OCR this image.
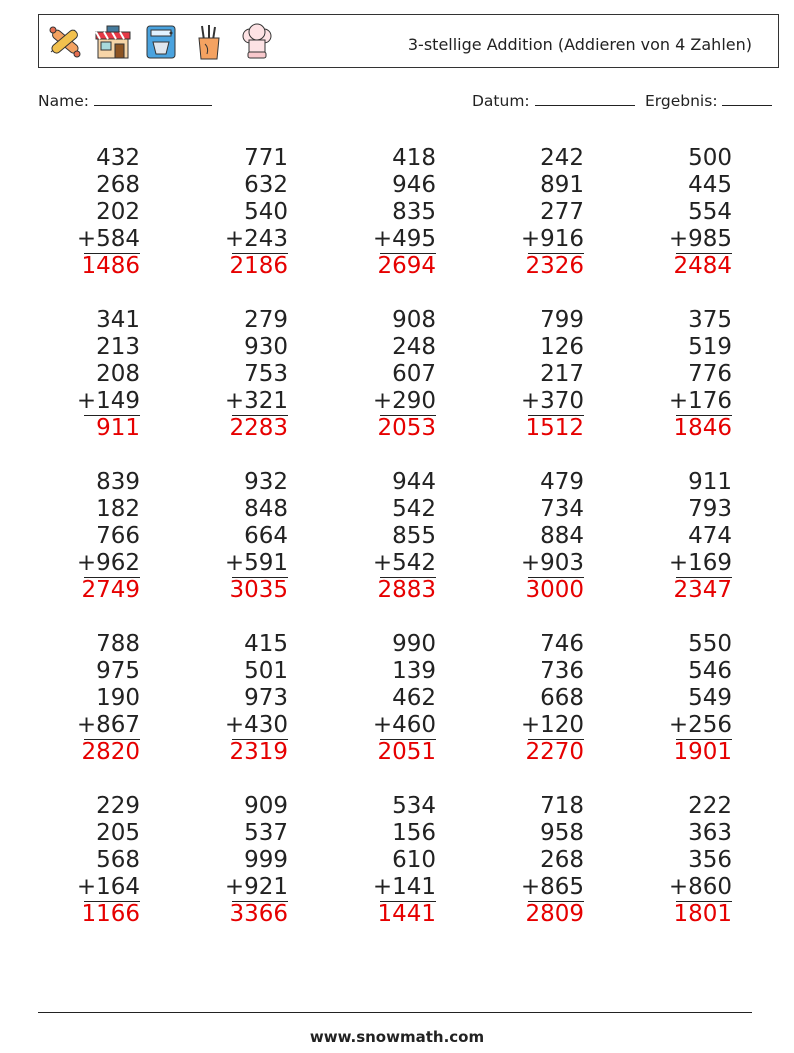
3-stellige Addition (Addieren von 4 Zahlen)
Name:	Datum:	Ergebnis:
432
268
202
+584
1486
771
632
540
+243
2186
418
946
835
+495
2694
242
891
277
+916
2326
500
445
554
+985
2484
341
213
208
+149
911
279
930
753
+321
2283
908
248
607
+290
2053
799
126
217
+370
1512
375
519
776
+176
1846
839
182
766
+962
2749
932
848
664
+591
3035
944
542
855
+542
2883
479
734
884
+903
3000
911
793
474
+169
2347
788
975
190
+867
2820
415
501
973
+430
2319
990
139
462
+460
2051
746
736
668
+120
2270
550
546
549
+256
1901
229
205
568
+164
1166
909
537
999
+921
3366
534
156
610
+141
1441
718
958
268
+865
2809
222
363
356
+860
1801
www.snowmath.com
